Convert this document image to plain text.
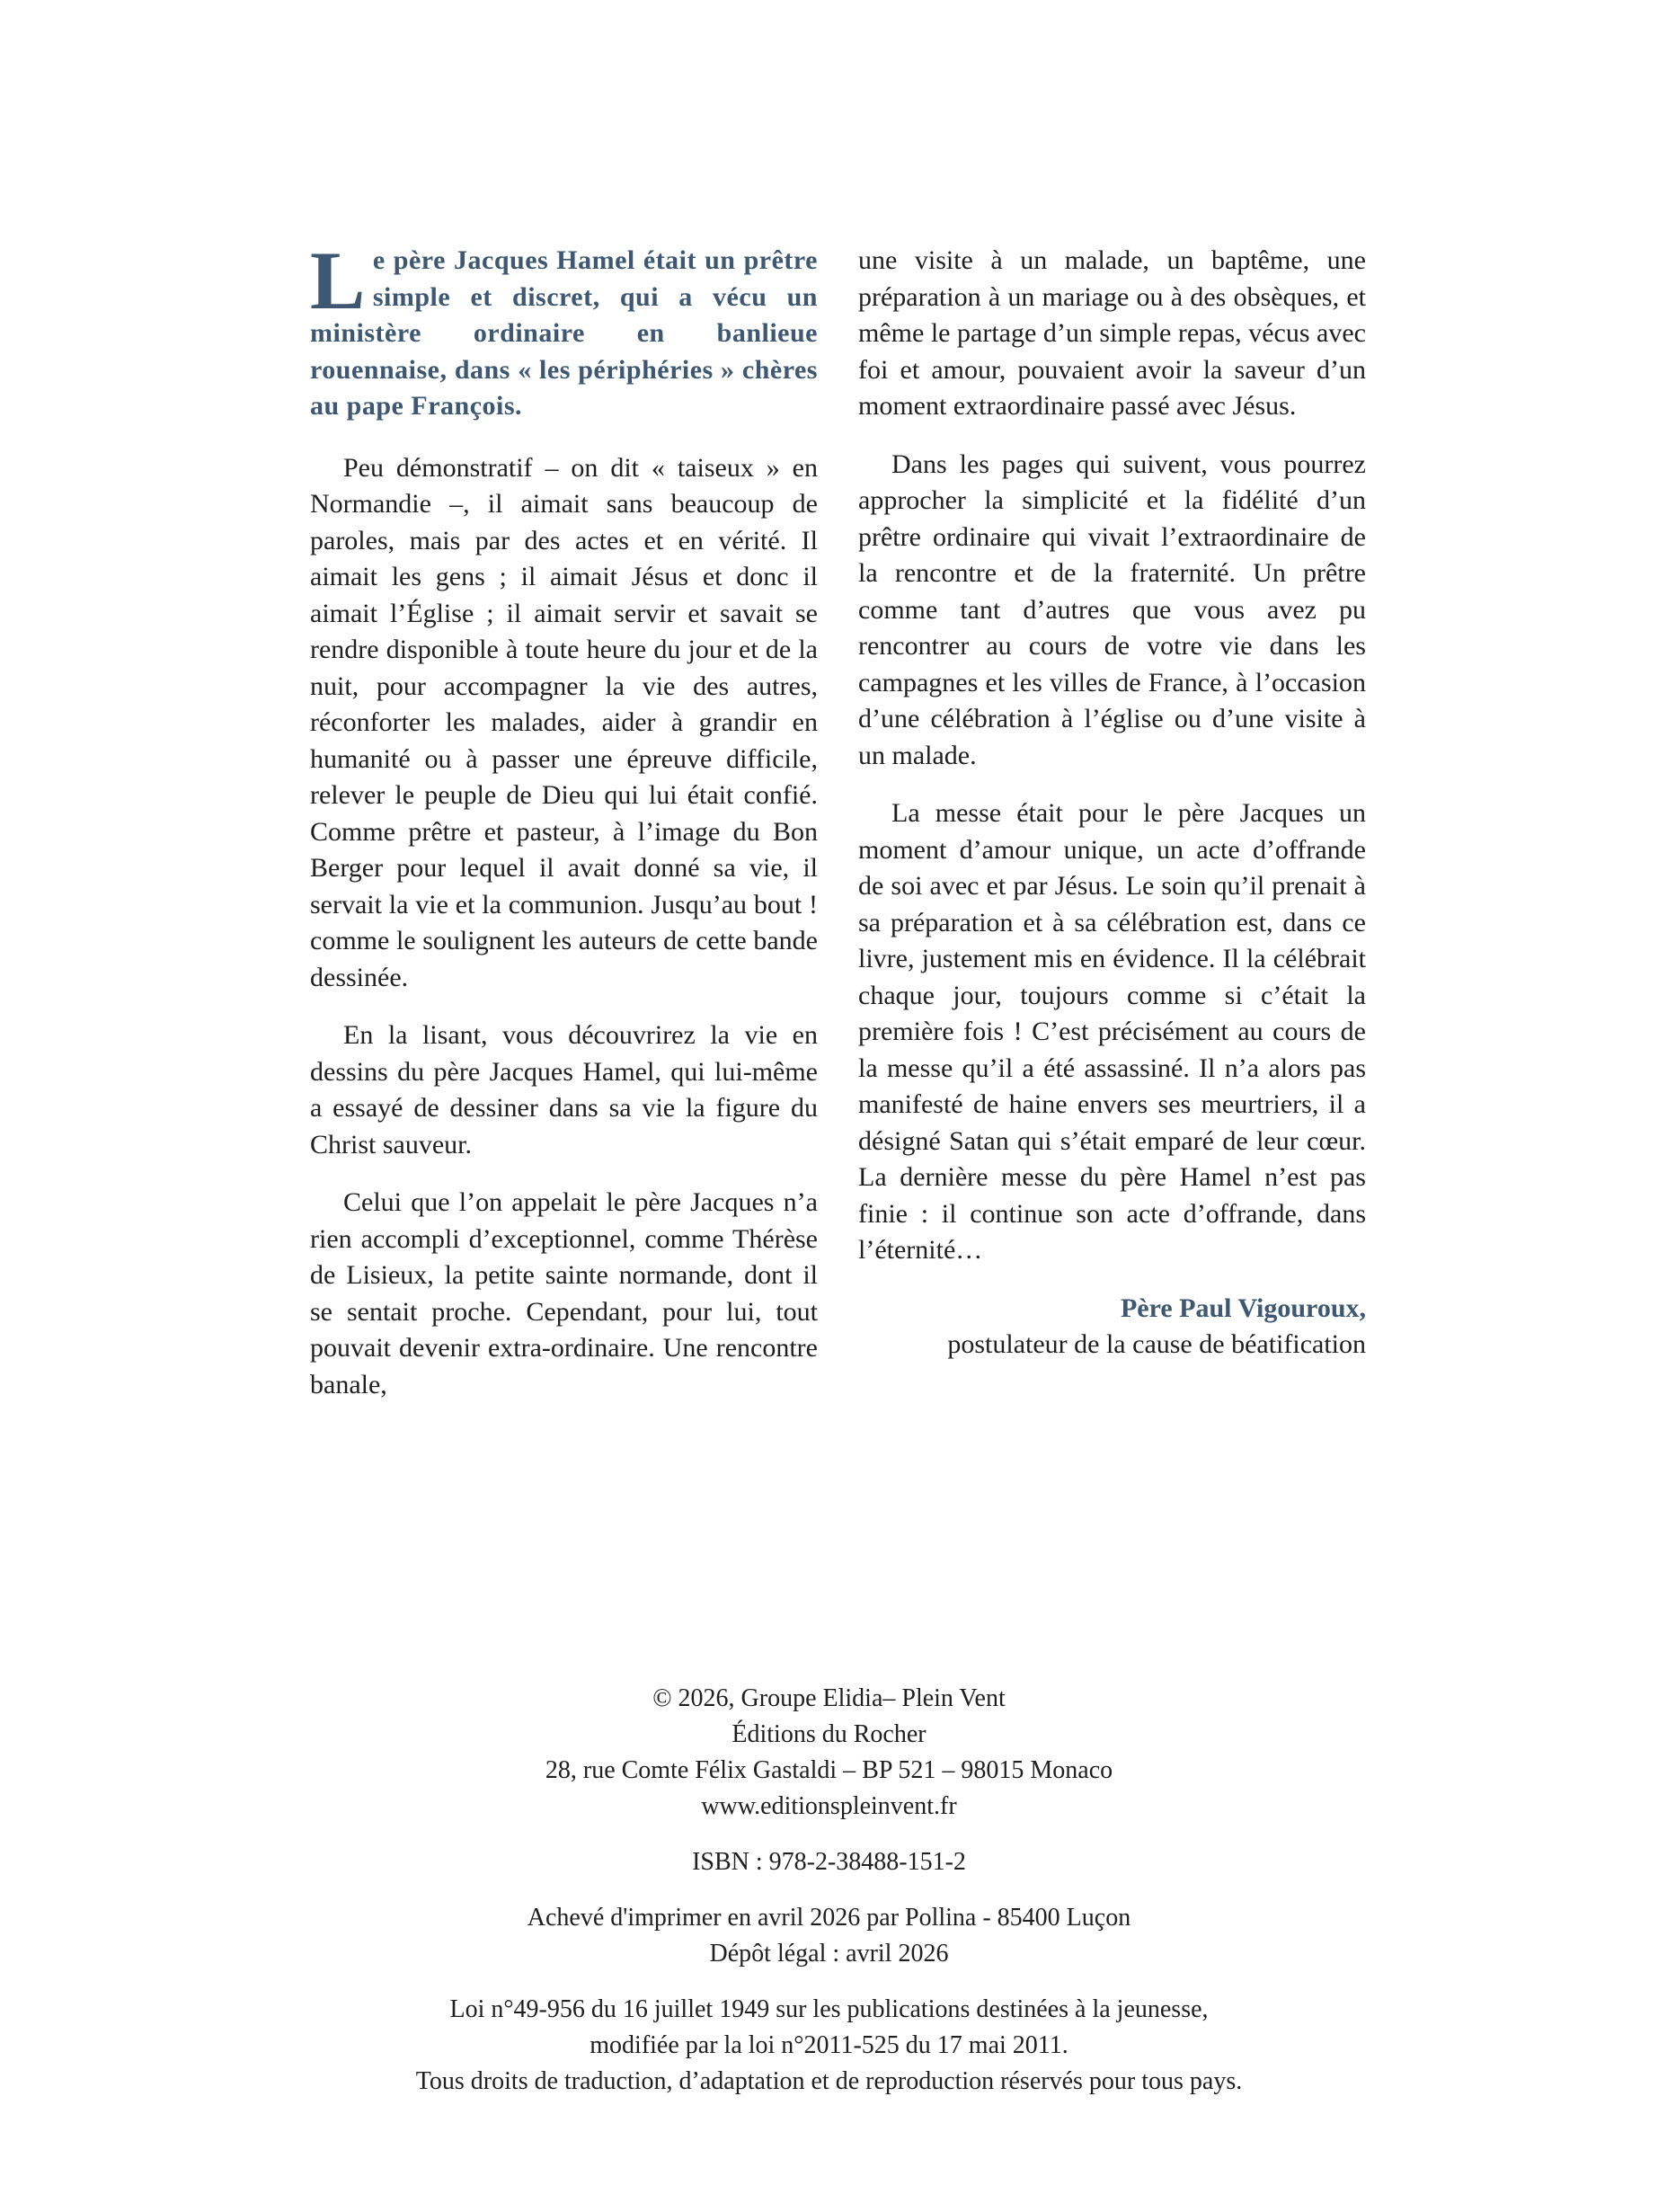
Le père Jacques Hamel était un prêtre simple et discret, qui a vécu un ministère ordinaire en banlieue rouennaise, dans « les périphéries » chères au pape François.

Peu démonstratif – on dit « taiseux » en Normandie –, il aimait sans beaucoup de paroles, mais par des actes et en vérité. Il aimait les gens ; il aimait Jésus et donc il aimait l’Église ; il aimait servir et savait se rendre disponible à toute heure du jour et de la nuit, pour accompagner la vie des autres, réconforter les malades, aider à grandir en humanité ou à passer une épreuve difficile, relever le peuple de Dieu qui lui était confié. Comme prêtre et pasteur, à l’image du Bon Berger pour lequel il avait donné sa vie, il servait la vie et la communion. Jusqu’au bout ! comme le soulignent les auteurs de cette bande dessinée.

En la lisant, vous découvrirez la vie en dessins du père Jacques Hamel, qui lui-même a essayé de dessiner dans sa vie la figure du Christ sauveur.

Celui que l’on appelait le père Jacques n’a rien accompli d’exceptionnel, comme Thérèse de Lisieux, la petite sainte normande, dont il se sentait proche. Cependant, pour lui, tout pouvait devenir extra-ordinaire. Une rencontre banale,

une visite à un malade, un baptême, une préparation à un mariage ou à des obsèques, et même le partage d’un simple repas, vécus avec foi et amour, pouvaient avoir la saveur d’un moment extraordinaire passé avec Jésus.

Dans les pages qui suivent, vous pourrez approcher la simplicité et la fidélité d’un prêtre ordinaire qui vivait l’extraordinaire de la rencontre et de la fraternité. Un prêtre comme tant d’autres que vous avez pu rencontrer au cours de votre vie dans les campagnes et les villes de France, à l’occasion d’une célébration à l’église ou d’une visite à un malade.

La messe était pour le père Jacques un moment d’amour unique, un acte d’offrande de soi avec et par Jésus. Le soin qu’il prenait à sa préparation et à sa célébration est, dans ce livre, justement mis en évidence. Il la célébrait chaque jour, toujours comme si c’était la première fois ! C’est précisément au cours de la messe qu’il a été assassiné. Il n’a alors pas manifesté de haine envers ses meurtriers, il a désigné Satan qui s’était emparé de leur cœur. La dernière messe du père Hamel n’est pas finie : il continue son acte d’offrande, dans l’éternité…

Père Paul Vigouroux,

postulateur de la cause de béatification

© 2026, Groupe Elidia– Plein Vent
Éditions du Rocher
28, rue Comte Félix Gastaldi – BP 521 – 98015 Monaco
www.editionspleinvent.fr
ISBN : 978-2-38488-151-2
Achevé d'imprimer en avril 2026 par Pollina - 85400 Luçon
Dépôt légal : avril 2026
Loi n°49-956 du 16 juillet 1949 sur les publications destinées à la jeunesse,
modifiée par la loi n°2011-525 du 17 mai 2011.
Tous droits de traduction, d’adaptation et de reproduction réservés pour tous pays.
